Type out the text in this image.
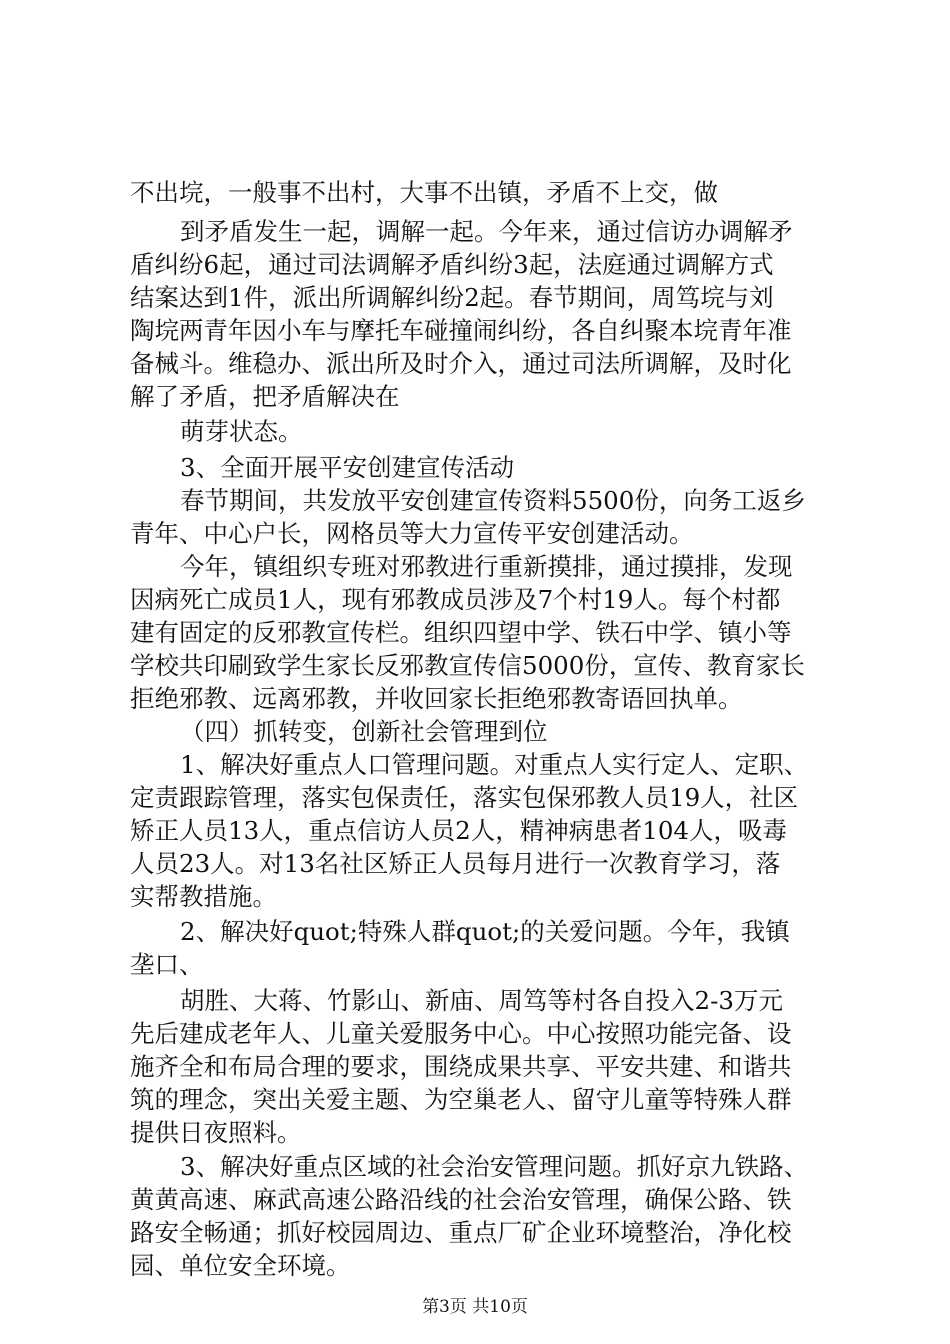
不出垸，一般事不出村，大事不出镇，矛盾不上交，做
到矛盾发生一起，调解一起。今年来，通过信访办调解矛
盾纠纷6起，通过司法调解矛盾纠纷3起，法庭通过调解方式
结案达到1件，派出所调解纠纷2起。春节期间，周笃垸与刘
陶垸两青年因小车与摩托车碰撞闹纠纷，各自纠聚本垸青年准
备械斗。维稳办、派出所及时介入，通过司法所调解，及时化
解了矛盾，把矛盾解决在
萌芽状态。
3、全面开展平安创建宣传活动
春节期间，共发放平安创建宣传资料5500份，向务工返乡
青年、中心户长，网格员等大力宣传平安创建活动。
今年，镇组织专班对邪教进行重新摸排，通过摸排，发现
因病死亡成员1人，现有邪教成员涉及7个村19人。每个村都
建有固定的反邪教宣传栏。组织四望中学、铁石中学、镇小等
学校共印刷致学生家长反邪教宣传信5000份，宣传、教育家长
拒绝邪教、远离邪教，并收回家长拒绝邪教寄语回执单。
（四）抓转变，创新社会管理到位
1、解决好重点人口管理问题。对重点人实行定人、定职、
定责跟踪管理，落实包保责任，落实包保邪教人员19人，社区
矫正人员13人，重点信访人员2人，精神病患者104人，吸毒
人员23人。对13名社区矫正人员每月进行一次教育学习，落
实帮教措施。
2、解决好quot;特殊人群quot;的关爱问题。今年，我镇
垄口、
胡胜、大蒋、竹影山、新庙、周笃等村各自投入2-3万元
先后建成老年人、儿童关爱服务中心。中心按照功能完备、设
施齐全和布局合理的要求，围绕成果共享、平安共建、和谐共
筑的理念，突出关爱主题、为空巢老人、留守儿童等特殊人群
提供日夜照料。
3、解决好重点区域的社会治安管理问题。抓好京九铁路、
黄黄高速、麻武高速公路沿线的社会治安管理，确保公路、铁
路安全畅通；抓好校园周边、重点厂矿企业环境整治，净化校
园、单位安全环境。
第3页 共10页
